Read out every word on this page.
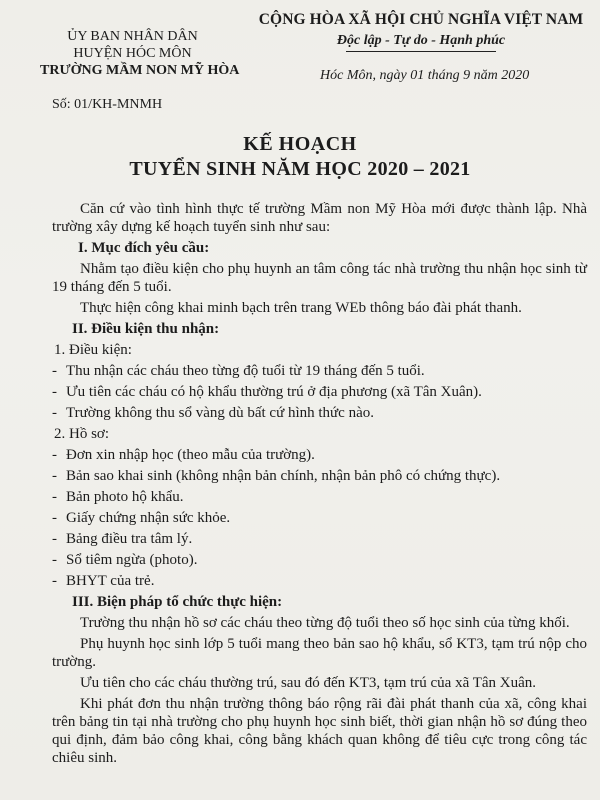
ỦY BAN NHÂN DÂN
HUYỆN HÓC MÔN
TRƯỜNG MẦM NON MỸ HÒA
CỘNG HÒA XÃ HỘI CHỦ NGHĨA VIỆT NAM
Độc lập - Tự do - Hạnh phúc
Số: 01/KH-MNMH
Hóc Môn, ngày 01 tháng 9 năm 2020
KẾ HOẠCH
TUYỂN SINH NĂM HỌC 2020 – 2021

Căn cứ vào tình hình thực tế trường Mầm non Mỹ Hòa mới được thành lập. Nhà trường xây dựng kế hoạch tuyển sinh như sau:

I. Mục đích yêu cầu:

Nhằm tạo điều kiện cho phụ huynh an tâm công tác nhà trường thu nhận học sinh từ 19 tháng đến 5 tuổi.

Thực hiện công khai minh bạch trên trang WEb thông báo đài phát thanh.

II. Điều kiện thu nhận:
1. Điều kiện:
- Thu nhận các cháu theo từng độ tuổi từ 19 tháng đến 5 tuổi.
- Ưu tiên các cháu có hộ khẩu thường trú ở địa phương (xã Tân Xuân).
- Trường không thu sổ vàng dù bất cứ hình thức nào.
2. Hồ sơ:
- Đơn xin nhập học (theo mẫu của trường).
- Bản sao khai sinh (không nhận bản chính, nhận bản phô có chứng thực).
- Bản photo hộ khẩu.
- Giấy chứng nhận sức khỏe.
- Bảng điều tra tâm lý.
- Sổ tiêm ngừa (photo).
- BHYT của trẻ.
III. Biện pháp tổ chức thực hiện:

Trường thu nhận hồ sơ các cháu theo từng độ tuổi theo số học sinh của từng khối.

Phụ huynh học sinh lớp 5 tuổi mang theo bản sao hộ khẩu, sổ KT3, tạm trú nộp cho trường.

Ưu tiên cho các cháu thường trú, sau đó đến KT3, tạm trú của xã Tân Xuân.

Khi phát đơn thu nhận trường thông báo rộng rãi đài phát thanh của xã, công khai trên bảng tin tại nhà trường cho phụ huynh học sinh biết, thời gian nhận hồ sơ đúng theo qui định, đảm bảo công khai, công bằng khách quan không để tiêu cực trong công tác chiêu sinh.
